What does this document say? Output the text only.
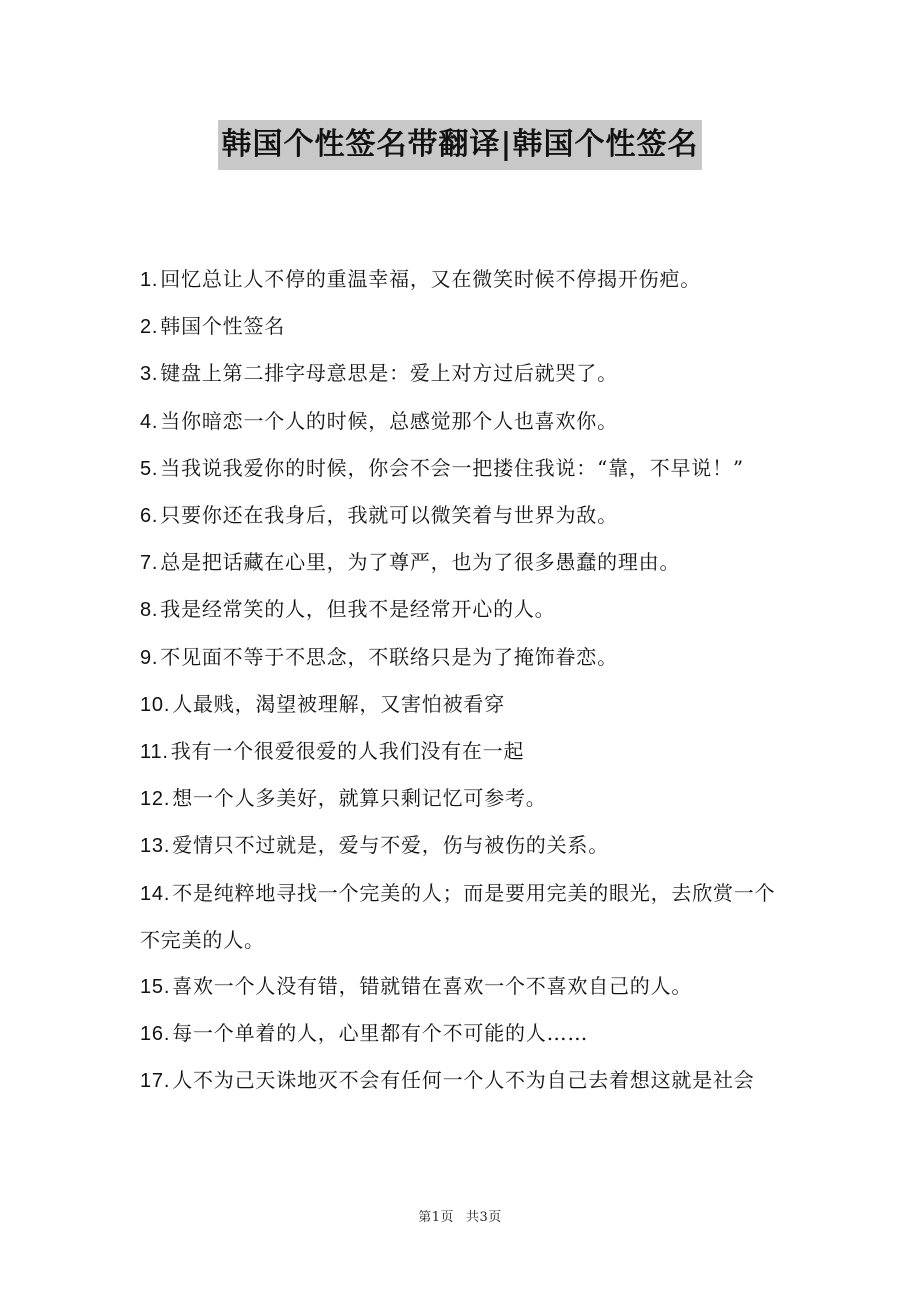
韩国个性签名带翻译|韩国个性签名
1. 回忆总让人不停的重温幸福，又在微笑时候不停揭开伤疤。
2. 韩国个性签名
3. 键盘上第二排字母意思是：爱上对方过后就哭了。
4. 当你暗恋一个人的时候，总感觉那个人也喜欢你。
5. 当我说我爱你的时候，你会不会一把搂住我说：“靠，不早说！”
6. 只要你还在我身后，我就可以微笑着与世界为敌。
7. 总是把话藏在心里，为了尊严，也为了很多愚蠢的理由。
8. 我是经常笑的人，但我不是经常开心的人。
9. 不见面不等于不思念，不联络只是为了掩饰眷恋。
10. 人最贱，渴望被理解，又害怕被看穿
11. 我有一个很爱很爱的人我们没有在一起
12. 想一个人多美好，就算只剩记忆可参考。
13. 爱情只不过就是，爱与不爱，伤与被伤的关系。
14. 不是纯粹地寻找一个完美的人；而是要用完美的眼光，去欣赏一个不完美的人。
15. 喜欢一个人没有错，错就错在喜欢一个不喜欢自己的人。
16. 每一个单着的人，心里都有个不可能的人……
17. 人不为己天诛地灭不会有任何一个人不为自己去着想这就是社会
第1页 共3页
